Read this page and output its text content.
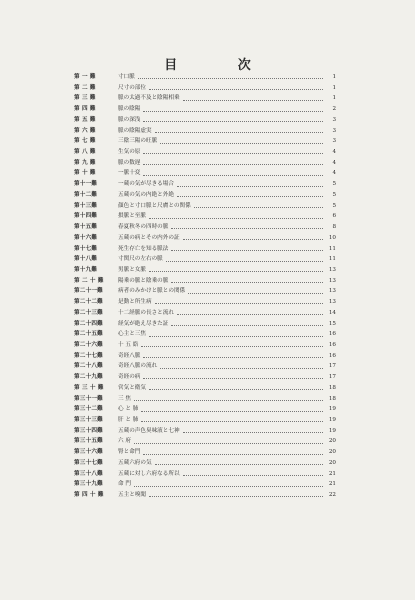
目 次
第 一 難	寸口脈	1
第 二 難	尺寸の部位	1
第 三 難	脈の太過不及と陰陽相乗	1
第 四 難	脈の陰陽	2
第 五 難	脈の深浅	3
第 六 難	脈の陰陽虚実	3
第 七 難	三陰三陽の旺脈	3
第 八 難	生気の原	4
第 九 難	脈の数遅	4
第 十 難	一脈十変	4
第十一難	一蔵の気が尽きる場合	5
第十二難	五蔵の気の内絶と外絶	5
第十三難	顔色と寸口脈と尺膚との関係	5
第十四難	損脈と至脈	6
第十五難	春夏秋冬の四時の脈	8
第十六難	五蔵の病とその内外の証	10
第十七難	死生存亡を知る脈法	11
第十八難	寸関尺の左右の脈	11
第十九難	男脈と女脈	13
第 二 十 難	陽乗の脈と陰乗の脈	13
第二十一難	病者のみかけと脈との関係	13
第二十二難	是動と所生病	13
第二十三難	十二経脈の長さと流れ	14
第二十四難	経気が絶え尽きた証	15
第二十五難	心主と三焦	16
第二十六難	十 五 絡	16
第二十七難	奇経八脈	16
第二十八難	奇経八脈の流れ	17
第二十九難	奇経の病	17
第 三 十 難	営気と衛気	18
第三十一難	三 焦	18
第三十二難	心 と 肺	19
第三十三難	肝 と 肺	19
第三十四難	五蔵の声色臭味液と七神	19
第三十五難	六 府	20
第三十六難	腎と命門	20
第三十七難	五蔵六府の気	20
第三十八難	五蔵に対し六府なる所以	21
第三十九難	命 門	21
第 四 十 難	五主と嗅聞	22
